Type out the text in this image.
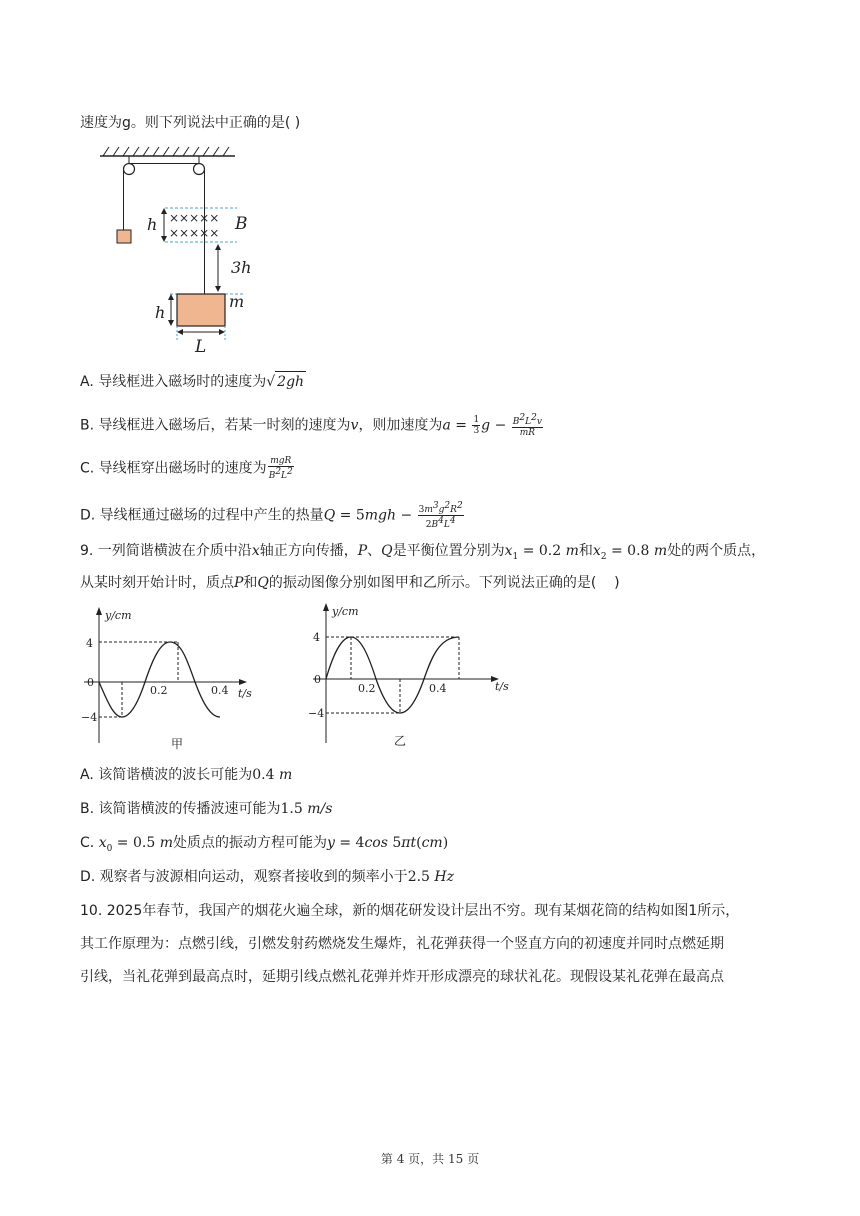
速度为g。则下列说法中正确的是( )
×××××
×××××
h	B
3h
m
h
L
A. 导线框进入磁场时的速度为√ 2gh
B. 导线框进入磁场后，若某一时刻的速度为v，则加速度为$a = \frac{1}{3}$ $g - \frac{B^2L^2v}{mR}$
C. 导线框穿出磁场时的速度为 $\frac{\text{mgR}}{B^2L^2}$
D. 导线框通过磁场的过程中产生的热量$Q = 5mgh - \frac{3m^3g^2R^2}{2B^4L^4}$
9. 一列简谐横波在介质中沿x轴正方向传播，P、Q是平衡位置分别为$x_1 = 0.2$ m和$x_2 = 0.8$ m处的两个质点，
从某时刻开始计时，质点P和Q的振动图像分别如图甲和乙所示。下列说法正确的是(    )
y/cm
t/s
4
0
−4
0.2	0.4
甲
y/cm
t/s
4
0
−4
0.2	0.4
乙
A. 该简谐横波的波长可能为0.4 m
B. 该简谐横波的传播波速可能为1.5 m/s
C. $x_0 = 0.5$ m处质点的振动方程可能为y = 4cos 5πt(cm)
D. 观察者与波源相向运动，观察者接收到的频率小于2.5 Hz
10. 2025年春节，我国产的烟花火遍全球，新的烟花研发设计层出不穷。现有某烟花筒的结构如图1所示，
其工作原理为：点燃引线，引燃发射药燃烧发生爆炸，礼花弹获得一个竖直方向的初速度并同时点燃延期
引线，当礼花弹到最高点时，延期引线点燃礼花弹并炸开形成漂亮的球状礼花。现假设某礼花弹在最高点
第 4 页，共 15 页
